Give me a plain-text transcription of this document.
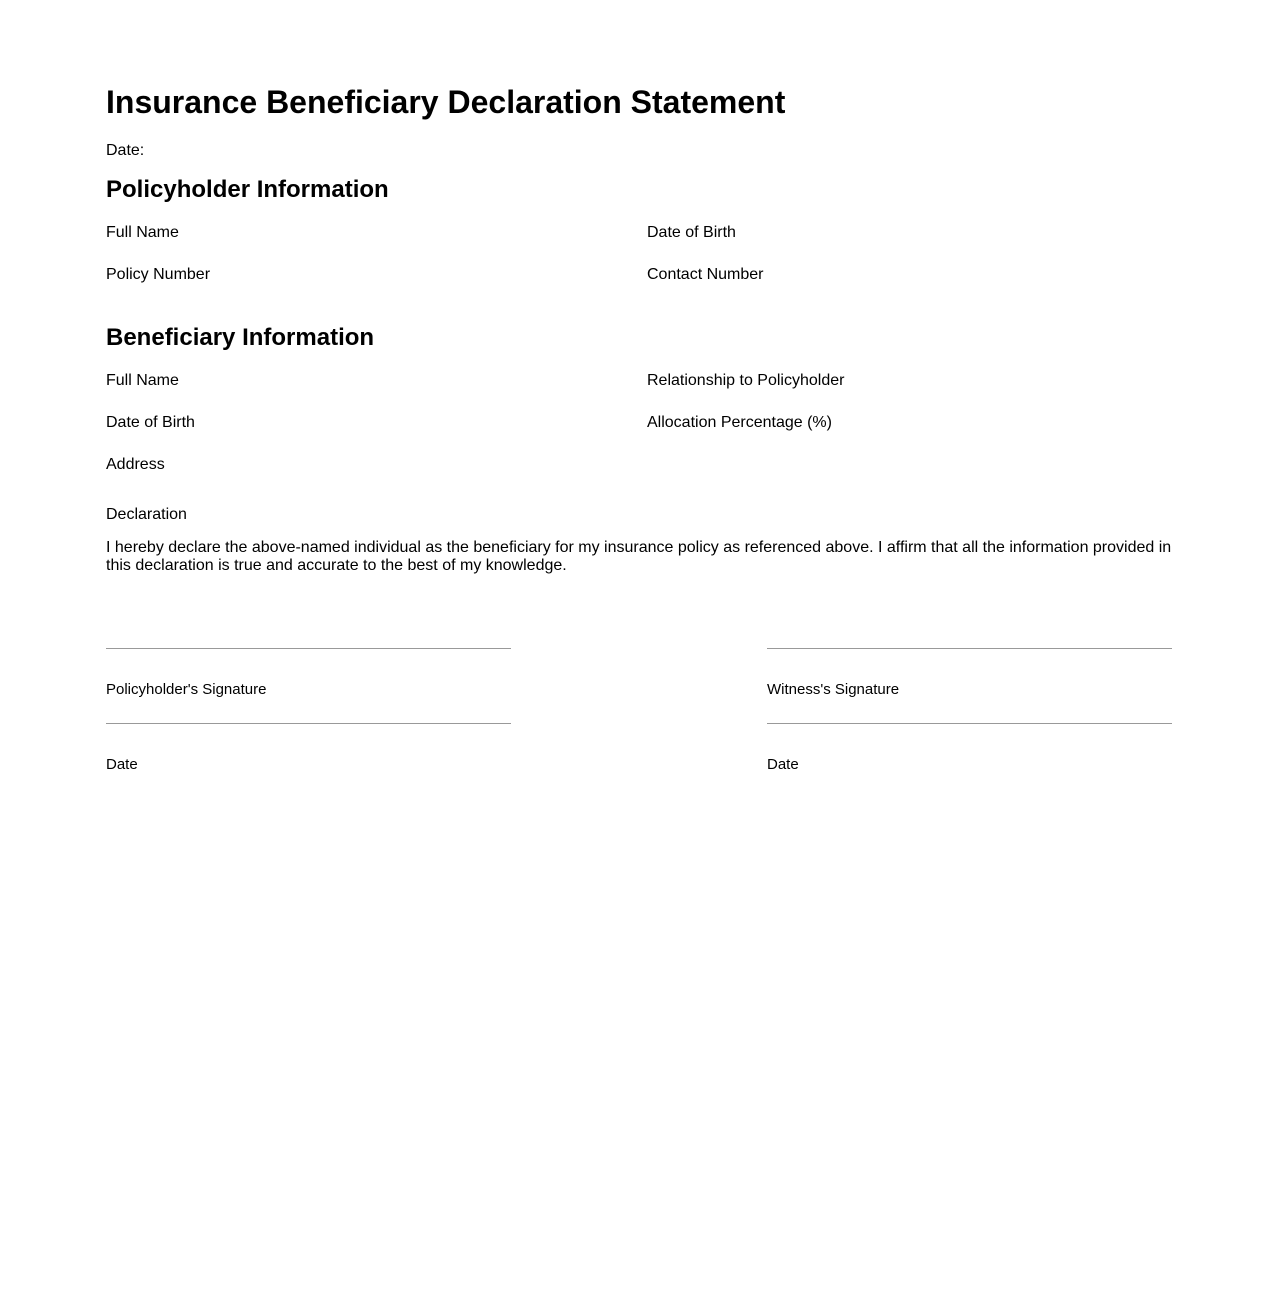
Insurance Beneficiary Declaration Statement
Date:
Policyholder Information
Full Name	Date of Birth
Policy Number	Contact Number
Beneficiary Information
Full Name	Relationship to Policyholder
Date of Birth	Allocation Percentage (%)
Address
Declaration

I hereby declare the above-named individual as the beneficiary for my insurance policy as referenced above. I affirm that all the information provided in this declaration is true and accurate to the best of my knowledge.

Policyholder's Signature
Date
Witness's Signature
Date
